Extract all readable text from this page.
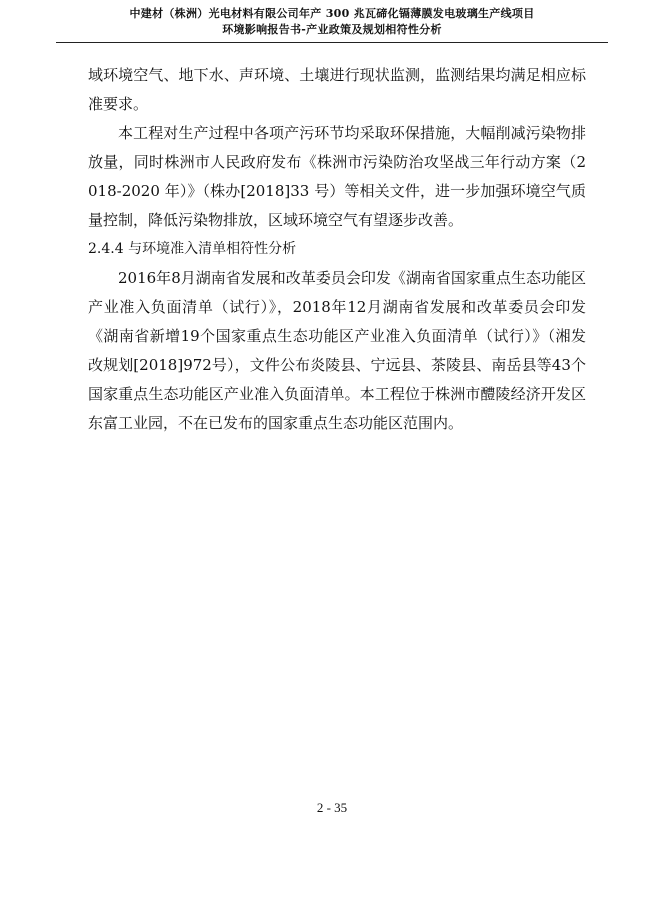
中建材（株洲）光电材料有限公司年产 300 兆瓦碲化镉薄膜发电玻璃生产线项目
环境影响报告书-产业政策及规划相符性分析

域环境空气、地下水、声环境、土壤进行现状监测，监测结果均满足相应标准要求。

本工程对生产过程中各项产污环节均采取环保措施，大幅削减污染物排放量，同时株洲市人民政府发布《株洲市污染防治攻坚战三年行动方案（2018-2020 年）》（株办[2018]33 号）等相关文件，进一步加强环境空气质量控制，降低污染物排放，区域环境空气有望逐步改善。

2.4.4 与环境准入清单相符性分析

2016年8月湖南省发展和改革委员会印发《湖南省国家重点生态功能区产业准入负面清单（试行）》，2018年12月湖南省发展和改革委员会印发《湖南省新增19个国家重点生态功能区产业准入负面清单（试行）》（湘发改规划[2018]972号），文件公布炎陵县、宁远县、茶陵县、南岳县等43个国家重点生态功能区产业准入负面清单。本工程位于株洲市醴陵经济开发区东富工业园，不在已发布的国家重点生态功能区范围内。

2 - 35
